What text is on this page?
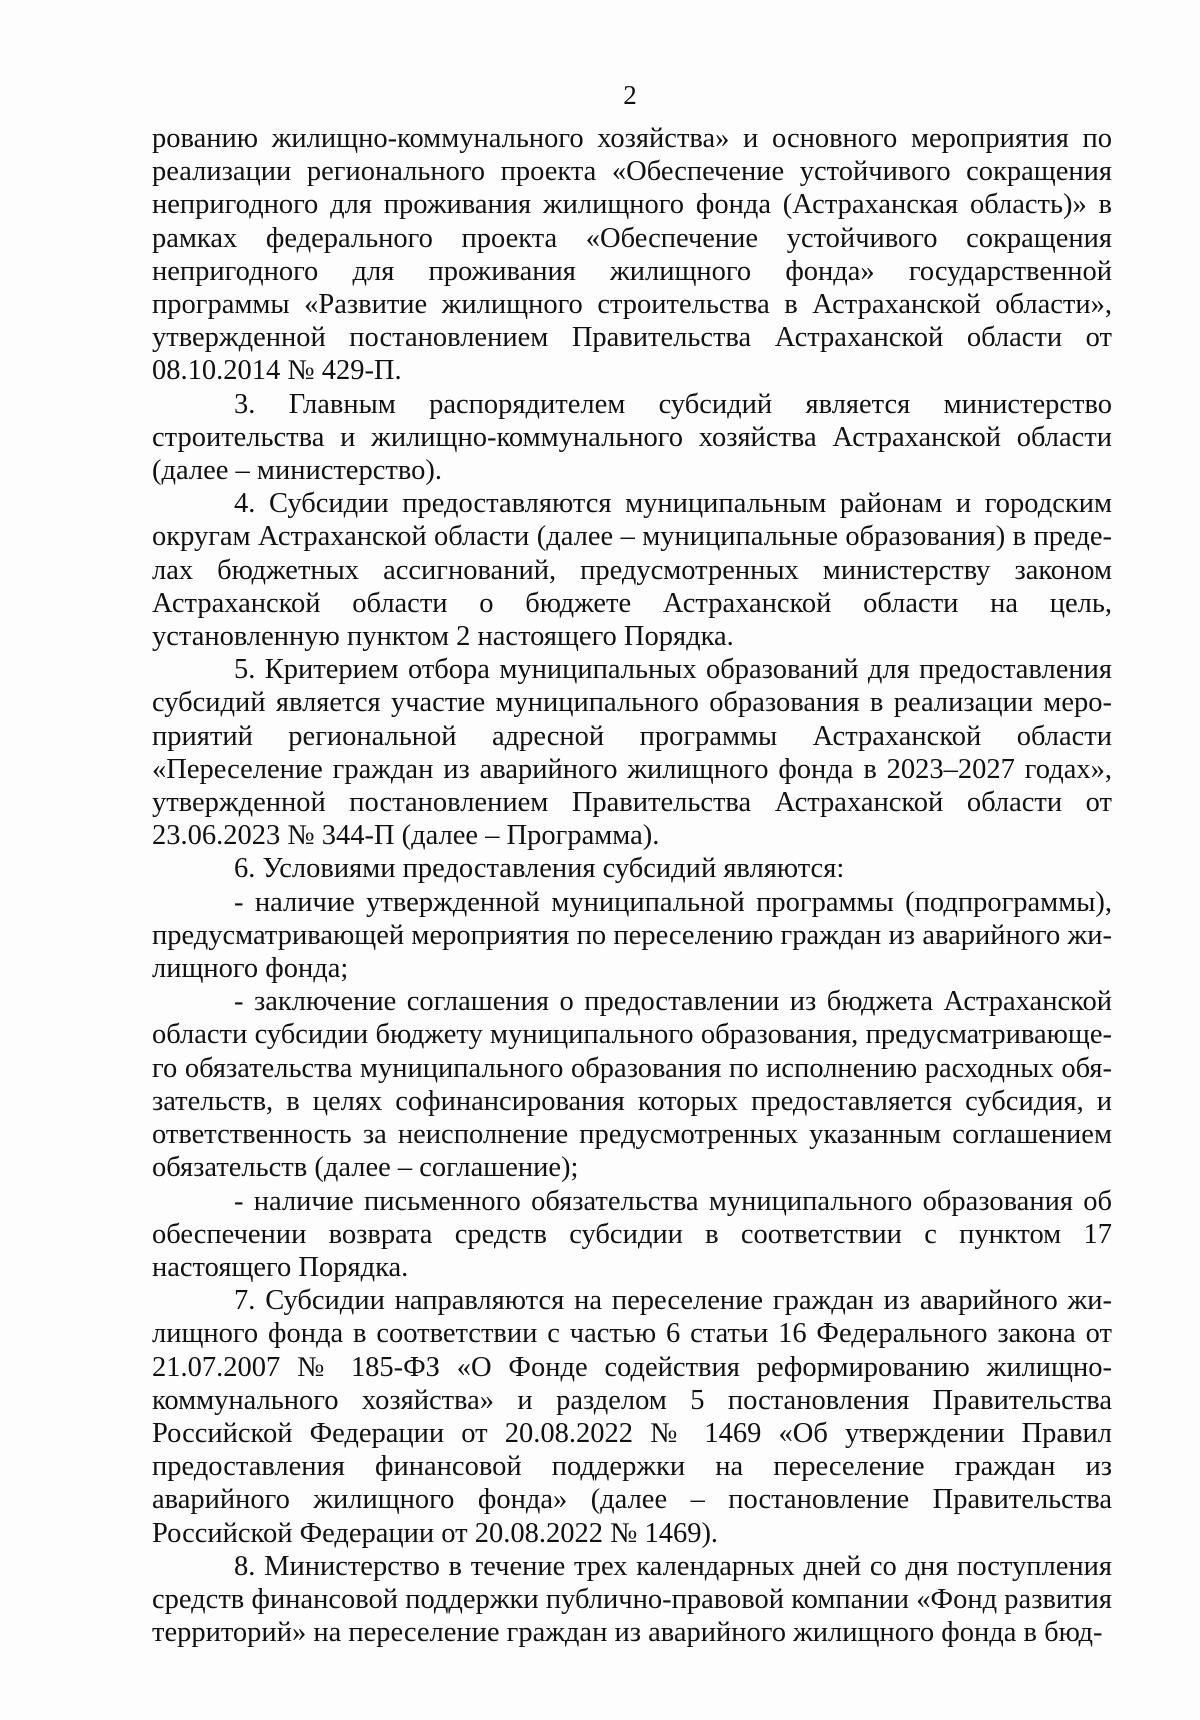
2

рованию жилищно-коммунального хозяйства» и основного мероприятия по реализации регионального проекта «Обеспечение устойчивого сокращения непригодного для проживания жилищного фонда (Астраханская область)» в рамках федерального проекта «Обеспечение устойчивого сокращения непригодного для проживания жилищного фонда» государственной программы «Развитие жилищного строительства в Астраханской области», утвержденной постановлением Правительства Астраханской области от 08.10.2014 № 429-П.

3. Главным распорядителем субсидий является министерство строительства и жилищно-коммунального хозяйства Астраханской области (далее – министерство).

4. Субсидии предоставляются муниципальным районам и городским округам Астраханской области (далее – муниципальные образования) в пределах бюджетных ассигнований, предусмотренных министерству законом Астраханской области о бюджете Астраханской области на цель, установленную пунктом 2 настоящего Порядка.

5. Критерием отбора муниципальных образований для предоставления субсидий является участие муниципального образования в реализации мероприятий региональной адресной программы Астраханской области «Переселение граждан из аварийного жилищного фонда в 2023–2027 годах», утвержденной постановлением Правительства Астраханской области от 23.06.2023 № 344-П (далее – Программа).

6. Условиями предоставления субсидий являются:

- наличие утвержденной муниципальной программы (подпрограммы), предусматривающей мероприятия по переселению граждан из аварийного жилищного фонда;

- заключение соглашения о предоставлении из бюджета Астраханской области субсидии бюджету муниципального образования, предусматривающего обязательства муниципального образования по исполнению расходных обязательств, в целях софинансирования которых предоставляется субсидия, и ответственность за неисполнение предусмотренных указанным соглашением обязательств (далее – соглашение);

- наличие письменного обязательства муниципального образования об обеспечении возврата средств субсидии в соответствии с пунктом 17 настоящего Порядка.

7. Субсидии направляются на переселение граждан из аварийного жилищного фонда в соответствии с частью 6 статьи 16 Федерального закона от 21.07.2007 № 185-ФЗ «О Фонде содействия реформированию жилищно-коммунального хозяйства» и разделом 5 постановления Правительства Российской Федерации от 20.08.2022 № 1469 «Об утверждении Правил предоставления финансовой поддержки на переселение граждан из аварийного жилищного фонда» (далее – постановление Правительства Российской Федерации от 20.08.2022 № 1469).

8. Министерство в течение трех календарных дней со дня поступления средств финансовой поддержки публично-правовой компании «Фонд развития территорий» на переселение граждан из аварийного жилищного фонда в бюд-
